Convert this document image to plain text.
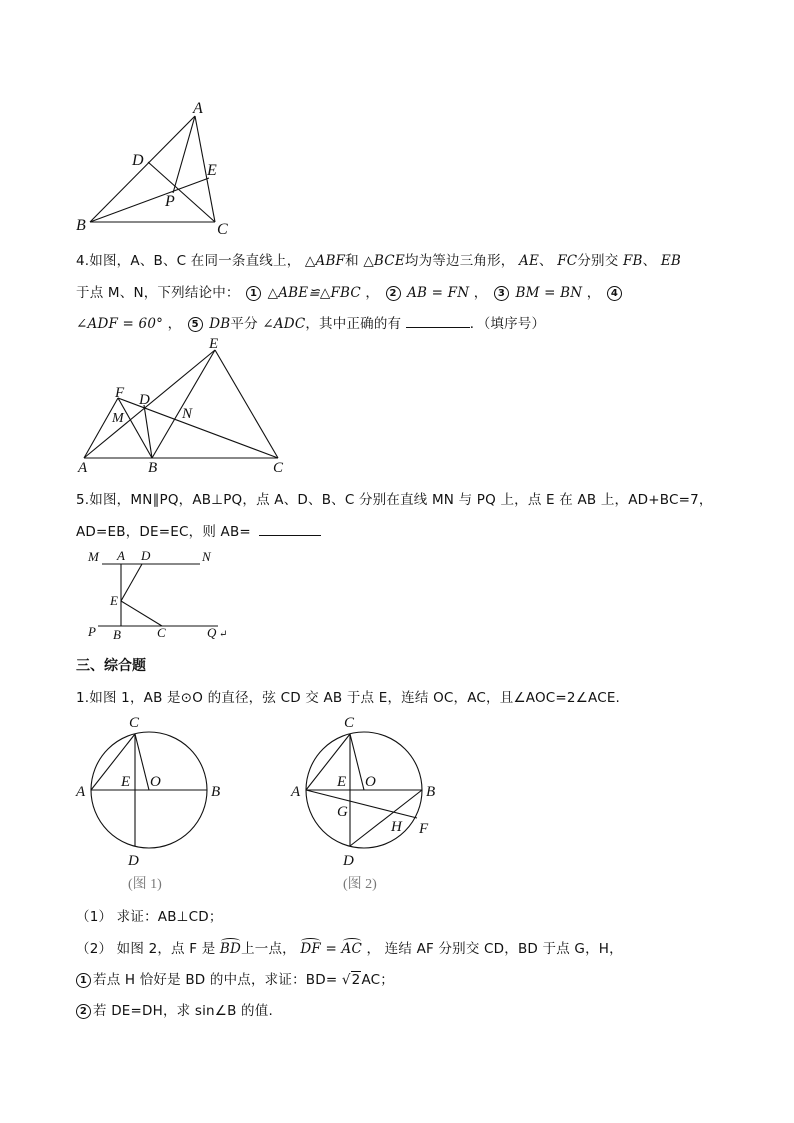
A
D
E
P
B	C
4.如图，A、B、C 在同一条直线上， △ABF和 △BCE均为等边三角形， AE、 FC分别交 FB、 EB
于点 M、N，下列结论中： 1 △ABE≌△FBC ， 2 AB = FN ， 3 BM = BN ， 4
∠ADF = 60° ， 5 DB平分 ∠ADC，其中正确的有	．（填序号）
E
F D
M	N
A	B	C
5.如图，MN∥PQ，AB⊥PQ，点 A、D、B、C 分别在直线 MN 与 PQ 上，点 E 在 AB 上，AD+BC=7，
AD=EB，DE=EC，则 AB=
M A D	N
E
P B	C	Q ↵
三、综合题
1.如图 1，AB 是⊙O 的直径，弦 CD 交 AB 于点 E，连结 OC，AC，且∠AOC=2∠ACE.
C
A
E O
B
D
(图 1)
C
A
E O
B
G
H F
D
(图 2)
（1） 求证：AB⊥CD；
（2） 如图 2，点 F 是 BD上一点， DF = AC ， 连结 AF 分别交 CD，BD 于点 G，H，
1 若点 H 恰好是 BD 的中点，求证：BD= √2AC；
2 若 DE=DH，求 sin∠B 的值.
